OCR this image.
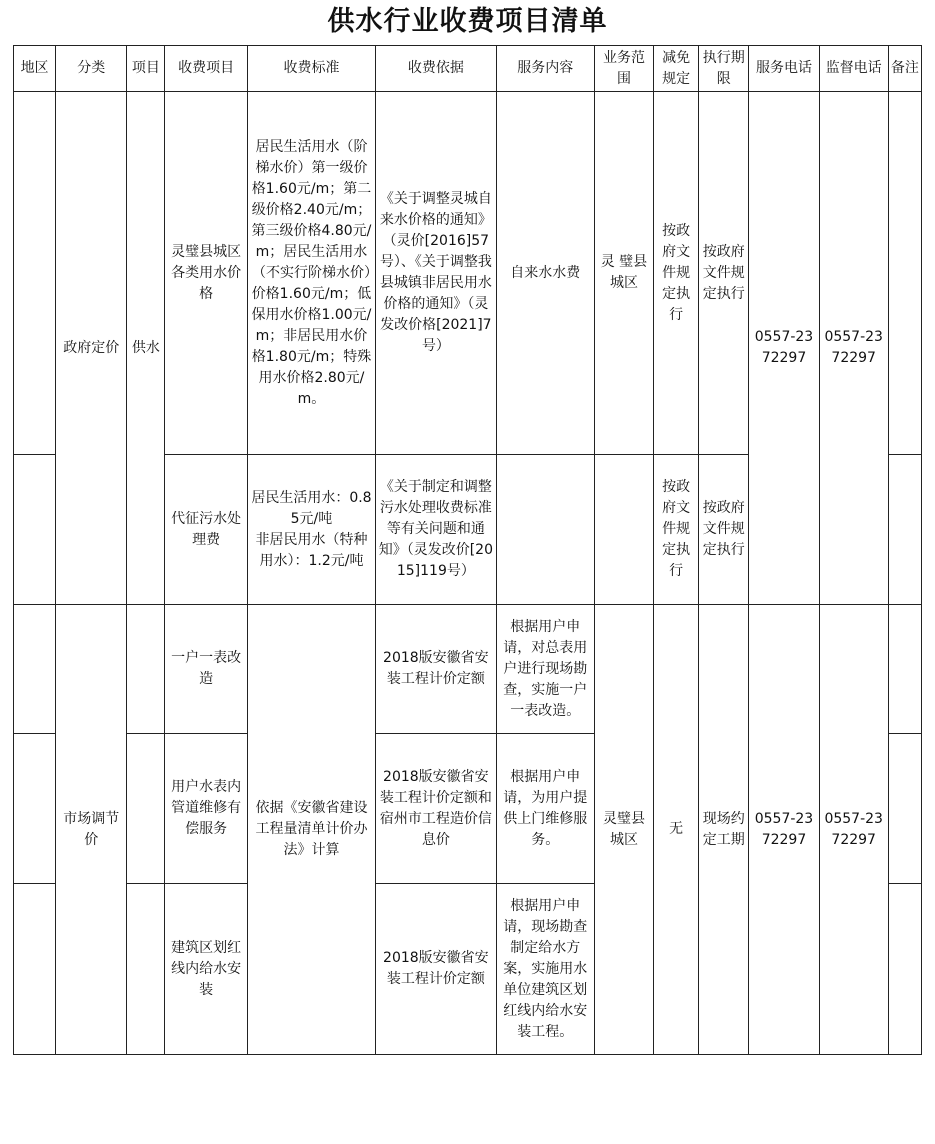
供水行业收费项目清单
地区	分类	项目	收费项目	收费标准	收费依据	服务内容	业务范围	减免规定	执行期限	服务电话	监督电话	备注
	政府定价	供水	灵璧县城区各类用水价格	居民生活用水（阶梯水价）第一级价格1.60元/m；第二级价格2.40元/m；第三级价格4.80元/m；居民生活用水（不实行阶梯水价）价格1.60元/m；低保用水价格1.00元/m；非居民用水价格1.80元/m；特殊用水价格2.80元/m。	《关于调整灵城自来水价格的通知》（灵价[2016]57号）、《关于调整我县城镇非居民用水价格的通知》（灵发改价格[2021]7号）	自来水水费	灵 璧县城区	按政府文件规定执行	按政府文件规定执行	0557-2372297	0557-2372297	
			代征污水处理费	居民生活用水：0.85元/吨
非居民用水（特种用水）：1.2元/吨	《关于制定和调整污水处理收费标准等有关问题和通知》（灵发改价[2015]119号）			按政府文件规定执行	按政府文件规定执行			
	市场调节价		一户一表改造	依据《安徽省建设工程量清单计价办法》计算	2018版安徽省安装工程计价定额	根据用户申请，对总表用户进行现场勘查，实施一户一表改造。	灵璧县城区	无	现场约定工期	0557-2372297	0557-2372297	
			用户水表内管道维修有偿服务		2018版安徽省安装工程计价定额和宿州市工程造价信息价	根据用户申请，为用户提供上门维修服务。						
			建筑区划红线内给水安装		2018版安徽省安装工程计价定额	根据用户申请，现场勘查制定给水方案，实施用水单位建筑区划红线内给水安装工程。						
